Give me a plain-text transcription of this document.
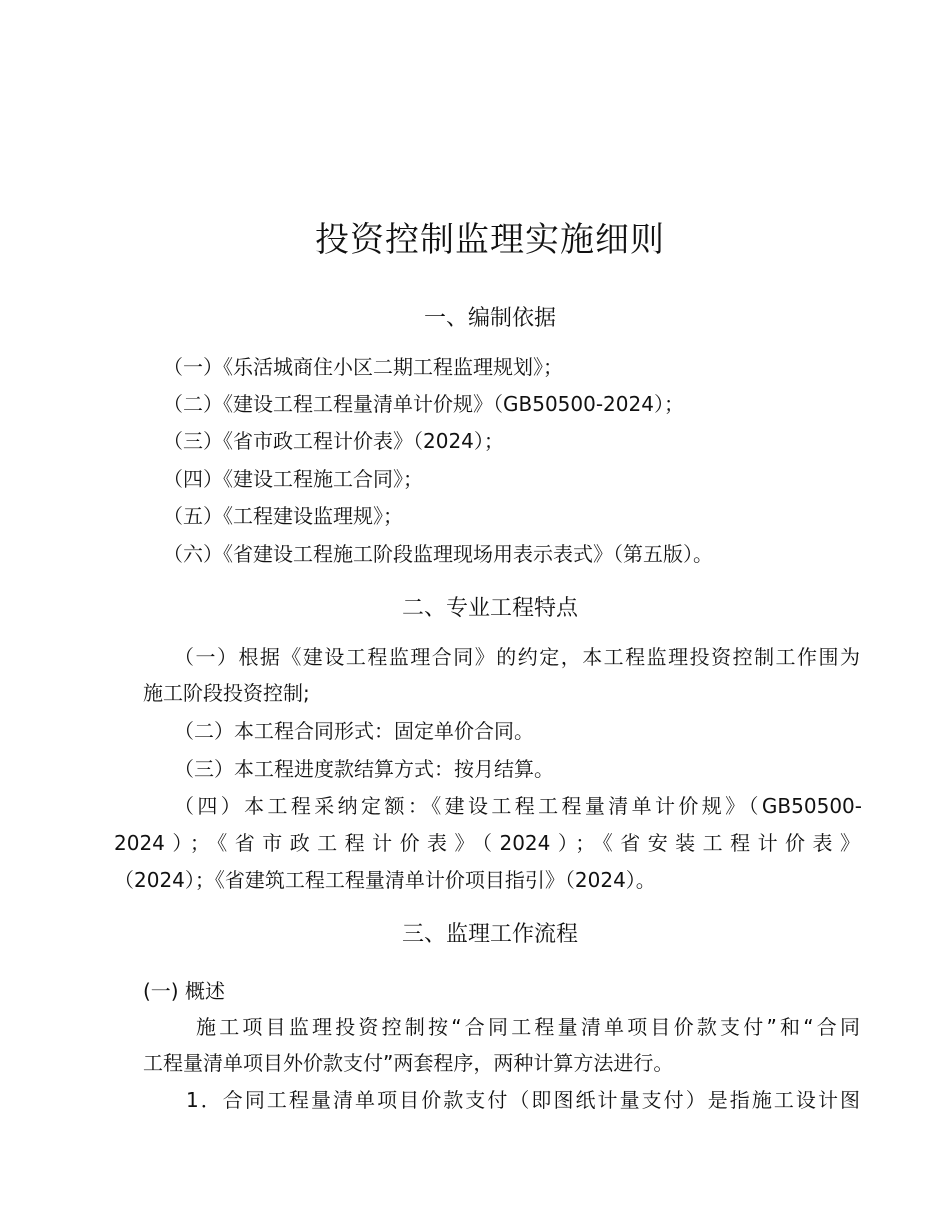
投资控制监理实施细则
一、编制依据
（一）《乐活城商住小区二期工程监理规划》；
（二）《建设工程工程量清单计价规》（GB50500-2024）；
（三）《省市政工程计价表》（2024）；
（四）《建设工程施工合同》；
（五）《工程建设监理规》；
（六）《省建设工程施工阶段监理现场用表示表式》（第五版）。
二、专业工程特点
（一）根据《建设工程监理合同》的约定，本工程监理投资控制工作围为
施工阶段投资控制;
（二）本工程合同形式：固定单价合同。
（三）本工程进度款结算方式：按月结算。
（四）本工程采纳定额：《建设工程工程量清单计价规》（GB50500-
2024）；《省市政工程计价表》（2024）；《省安装工程计价表》
（2024）；《省建筑工程工程量清单计价项目指引》（2024）。
三、监理工作流程
(一) 概述
施工项目监理投资控制按“合同工程量清单项目价款支付”和“合同
工程量清单项目外价款支付”两套程序，两种计算方法进行。
1．合同工程量清单项目价款支付（即图纸计量支付）是指施工设计图
